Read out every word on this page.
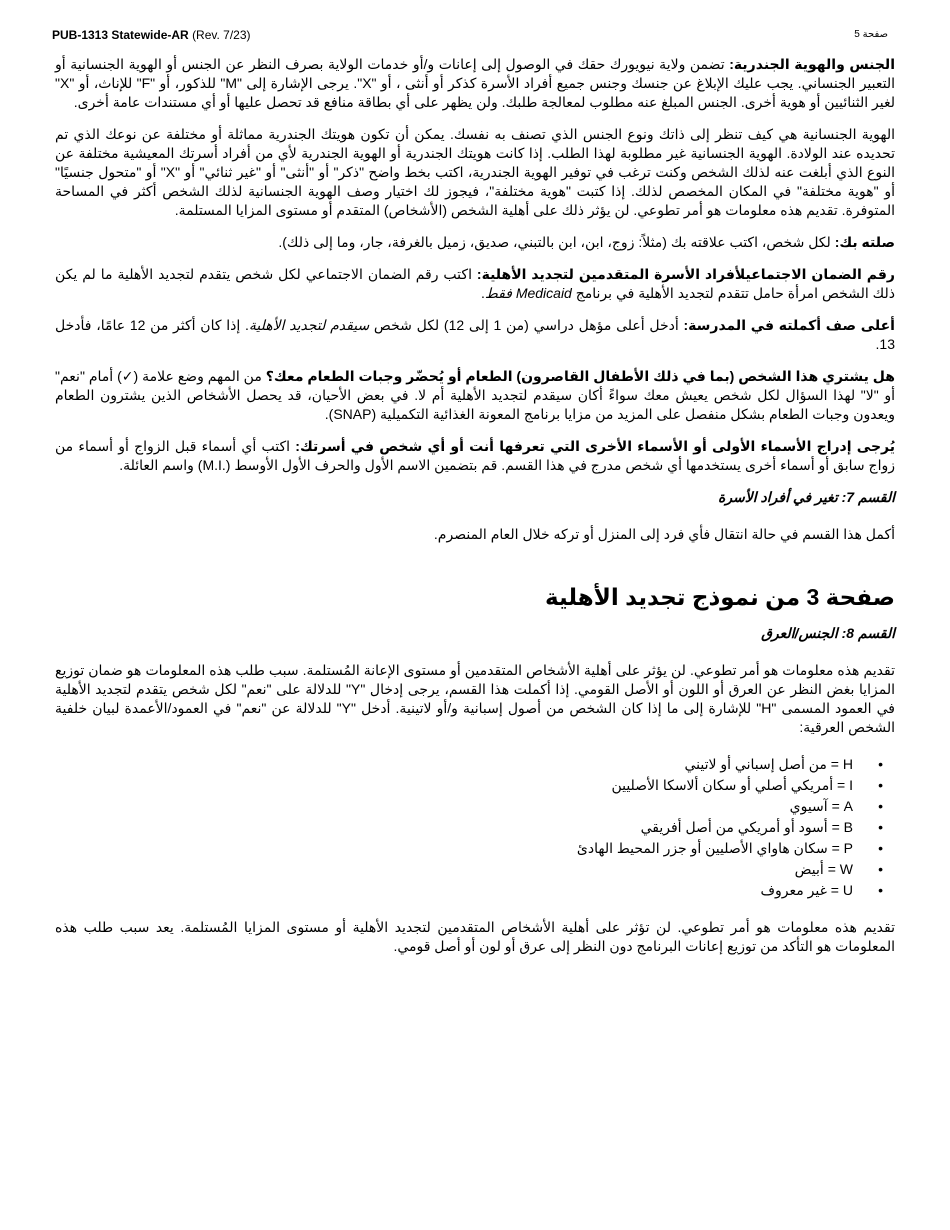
PUB-1313 Statewide-AR (Rev. 7/23)	صفحة 5

الجنس والهوية الجندرية: تضمن ولاية نيويورك حقك في الوصول إلى إعانات و/أو خدمات الولاية بصرف النظر عن الجنس أو الهوية الجنسانية أو التعبير الجنساني. يجب عليك الإبلاغ عن جنسك وجنس جميع أفراد الأسرة كذكر أو أنثى ، أو "X". يرجى الإشارة إلى "M" للذكور، أو "F" للإناث، أو "X" لغير الثنائيين أو هوية أخرى. الجنس المبلغ عنه مطلوب لمعالجة طلبك. ولن يظهر على أي بطاقة منافع قد تحصل عليها أو أي مستندات عامة أخرى.

الهوية الجنسانية هي كيف تنظر إلى ذاتك ونوع الجنس الذي تصنف به نفسك. يمكن أن تكون هويتك الجندرية مماثلة أو مختلفة عن نوعك الذي تم تحديده عند الولادة. الهوية الجنسانية غير مطلوبة لهذا الطلب. إذا كانت هويتك الجندرية أو الهوية الجندرية لأي من أفراد أسرتك المعيشية مختلفة عن النوع الذي أبلغت عنه لذلك الشخص وكنت ترغب في توفير الهوية الجندرية، اكتب بخط واضح "ذكر" أو "أنثى" أو "غير ثنائي" أو "X" أو "متحول جنسيًا" أو "هوية مختلفة" في المكان المخصص لذلك. إذا كتبت "هوية مختلفة"، فيجوز لك اختيار وصف الهوية الجنسانية لذلك الشخص أكثر في المساحة المتوفرة. تقديم هذه معلومات هو أمر تطوعي. لن يؤثر ذلك على أهلية الشخص (الأشخاص) المتقدم أو مستوى المزايا المستلمة.

صلته بك: لكل شخص، اكتب علاقته بك (مثلاً: زوج، ابن، ابن بالتبني، صديق، زميل بالغرفة، جار، وما إلى ذلك).

رقم الضمان الاجتماعيلأفراد الأسرة المتقدمين لتجديد الأهلية: اكتب رقم الضمان الاجتماعي لكل شخص يتقدم لتجديد الأهلية ما لم يكن ذلك الشخص امرأة حامل تتقدم لتجديد الأهلية في برنامج Medicaid فقط.

أعلى صف أكملته في المدرسة: أدخل أعلى مؤهل دراسي (من 1 إلى 12) لكل شخص سيقدم لتجديد الأهلية. إذا كان أكثر من 12 عامًا، فأدخل 13.

هل يشتري هذا الشخص (بما في ذلك الأطفال القاصرون) الطعام أو يُحضّر وجبات الطعام معك؟ من المهم وضع علامة (✓) أمام "نعم" أو "لا" لهذا السؤال لكل شخص يعيش معك سواءً أكان سيقدم لتجديد الأهلية أم لا. في بعض الأحيان، قد يحصل الأشخاص الذين يشترون الطعام ويعدون وجبات الطعام بشكل منفصل على المزيد من مزايا برنامج المعونة الغذائية التكميلية (SNAP).

يُرجى إدراج الأسماء الأولى أو الأسماء الأخرى التي تعرفها أنت أو أي شخص في أسرتك: اكتب أي أسماء قبل الزواج أو أسماء من زواج سابق أو أسماء أخرى يستخدمها أي شخص مدرج في هذا القسم. قم بتضمين الاسم الأول والحرف الأول الأوسط (.M.I) واسم العائلة.

القسم 7: تغير في أفراد الأسرة

أكمل هذا القسم في حالة انتقال فأي فرد إلى المنزل أو تركه خلال العام المنصرم.

صفحة 3 من نموذج تجديد الأهلية
القسم 8: الجنس/العرق

تقديم هذه معلومات هو أمر تطوعي. لن يؤثر على أهلية الأشخاص المتقدمين أو مستوى الإعانة المُستلمة. سبب طلب هذه المعلومات هو ضمان توزيع المزايا بغض النظر عن العرق أو اللون أو الأصل القومي. إذا أكملت هذا القسم، يرجى إدخال "Y" للدلالة على "نعم" لكل شخص يتقدم لتجديد الأهلية في العمود المسمى "H" للإشارة إلى ما إذا كان الشخص من أصول إسبانية و/أو لاتينية. أدخل "Y" للدلالة عن "نعم" في العمود/الأعمدة لبيان خلفية الشخص العرقية:

• H = من أصل إسباني أو لاتيني
• I = أمريكي أصلي أو سكان ألاسكا الأصليين
• A = آسيوي
• B = أسود أو أمريكي من أصل أفريقي
• P = سكان هاواي الأصليين أو جزر المحيط الهادئ
• W = أبيض
• U = غير معروف

تقديم هذه معلومات هو أمر تطوعي. لن تؤثر على أهلية الأشخاص المتقدمين لتجديد الأهلية أو مستوى المزايا المُستلمة. يعد سبب طلب هذه المعلومات هو التأكد من توزيع إعانات البرنامج دون النظر إلى عرق أو لون أو أصل قومي.
